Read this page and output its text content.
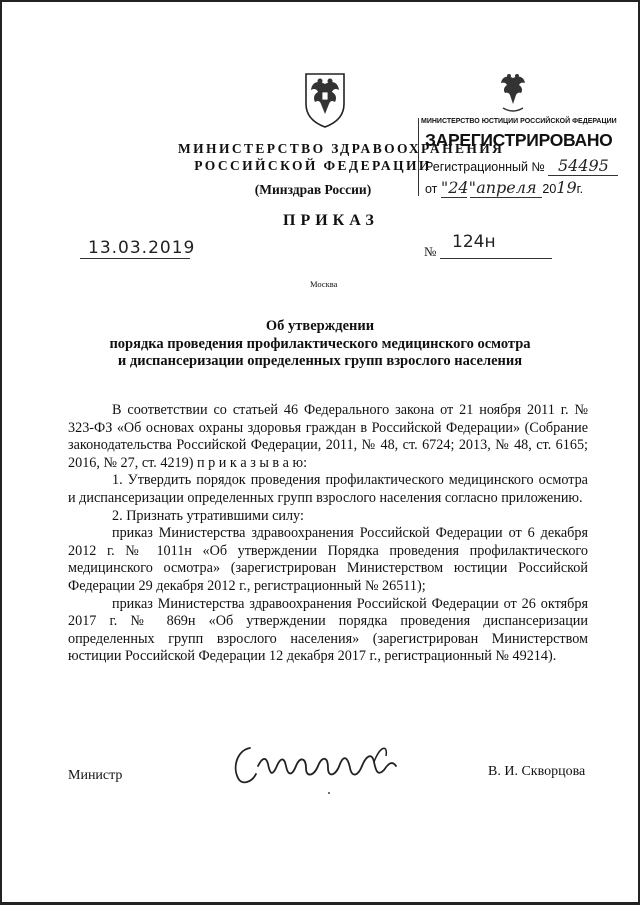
МИНИСТЕРСТВО ЗДРАВООХРАНЕНИЯ
РОССИЙСКОЙ ФЕДЕРАЦИИ
(Минздрав России)
МИНИСТЕРСТВО ЮСТИЦИИ РОССИЙСКОЙ ФЕДЕРАЦИИ
ЗАРЕГИСТРИРОВАНО
Регистрационный № 54495
от "24" апреля 2019г.
ПРИКАЗ
13.03.2019	№ 124н
Москва
Об утверждении
порядка проведения профилактического медицинского осмотра
и диспансеризации определенных групп взрослого населения

В соответствии со статьей 46 Федерального закона от 21 ноября 2011 г. № 323-ФЗ «Об основах охраны здоровья граждан в Российской Федерации» (Собрание законодательства Российской Федерации, 2011, № 48, ст. 6724; 2013, № 48, ст. 6165; 2016, № 27, ст. 4219) п р и к а з ы в а ю:

1. Утвердить порядок проведения профилактического медицинского осмотра и диспансеризации определенных групп взрослого населения согласно приложению.

2. Признать утратившими силу:

приказ Министерства здравоохранения Российской Федерации от 6 декабря 2012 г. № 1011н «Об утверждении Порядка проведения профилактического медицинского осмотра» (зарегистрирован Министерством юстиции Российской Федерации 29 декабря 2012 г., регистрационный № 26511);

приказ Министерства здравоохранения Российской Федерации от 26 октября 2017 г. № 869н «Об утверждении порядка проведения диспансеризации определенных групп взрослого населения» (зарегистрирован Министерством юстиции Российской Федерации 12 декабря 2017 г., регистрационный № 49214).

Министр	В. И. Скворцова
